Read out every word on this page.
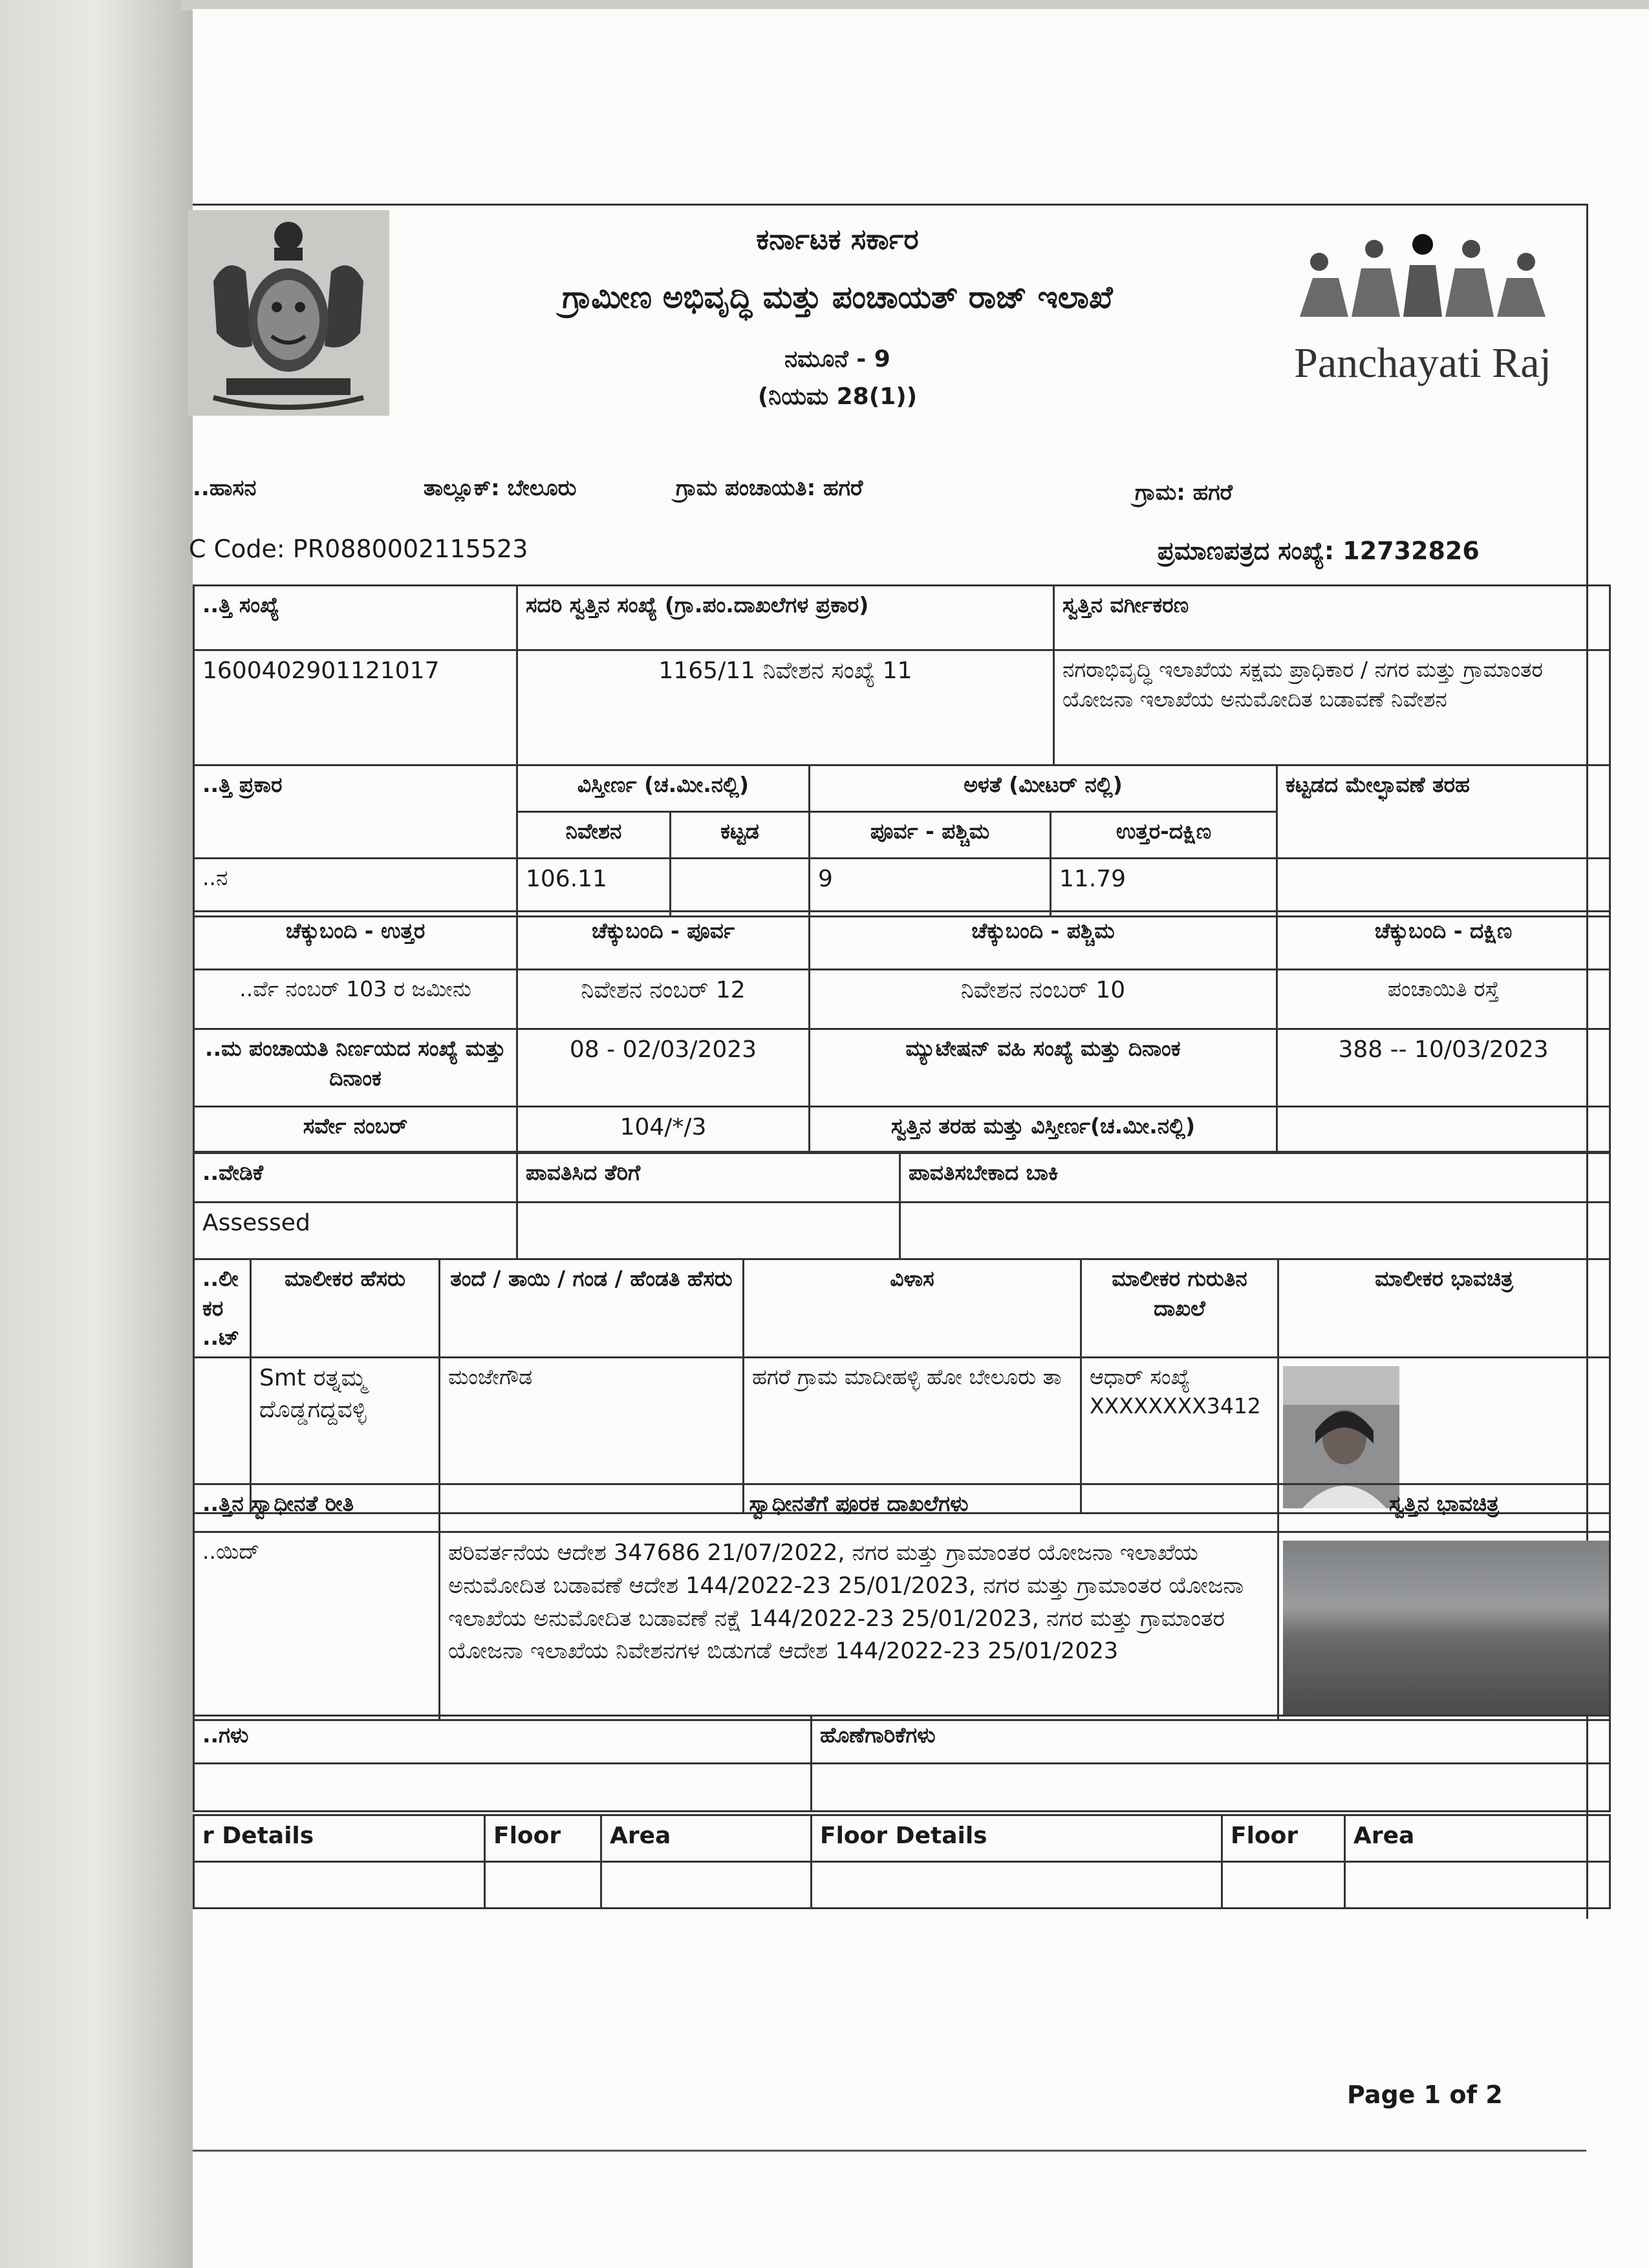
ಕರ್ನಾಟಕ ಸರ್ಕಾರ
ಗ್ರಾಮೀಣ ಅಭಿವೃದ್ಧಿ ಮತ್ತು ಪಂಚಾಯತ್ ರಾಜ್ ಇಲಾಖೆ
ನಮೂನೆ - 9
(ನಿಯಮ 28(1))
Panchayati Raj
..ಹಾಸನ	ತಾಲ್ಲೂಕ್: ಬೇಲೂರು	ಗ್ರಾಮ ಪಂಚಾಯತಿ: ಹಗರೆ	ಗ್ರಾಮ: ಹಗರೆ
C Code: PR0880002115523	ಪ್ರಮಾಣಪತ್ರದ ಸಂಖ್ಯೆ: 12732826
..ತ್ತಿ ಸಂಖ್ಯೆ	ಸದರಿ ಸ್ವತ್ತಿನ ಸಂಖ್ಯೆ (ಗ್ರಾ.ಪಂ.ದಾಖಲೆಗಳ ಪ್ರಕಾರ)	ಸ್ವತ್ತಿನ ವರ್ಗೀಕರಣ
1600402901121017	1165/11 ನಿವೇಶನ ಸಂಖ್ಯೆ 11	ನಗರಾಭಿವೃದ್ಧಿ ಇಲಾಖೆಯ ಸಕ್ಷಮ ಪ್ರಾಧಿಕಾರ / ನಗರ ಮತ್ತು ಗ್ರಾಮಾಂತರ ಯೋಜನಾ ಇಲಾಖೆಯ ಅನುಮೋದಿತ ಬಡಾವಣೆ ನಿವೇಶನ
..ತ್ತಿ ಪ್ರಕಾರ	ವಿಸ್ತೀರ್ಣ (ಚ.ಮೀ.ನಲ್ಲಿ)		ಅಳತೆ (ಮೀಟರ್ ನಲ್ಲಿ)		ಕಟ್ಟಡದ ಮೇಲ್ಛಾವಣೆ ತರಹ
	ನಿವೇಶನ	ಕಟ್ಟಡ	ಪೂರ್ವ - ಪಶ್ಚಿಮ	ಉತ್ತರ-ದಕ್ಷಿಣ	
..ನ	106.11		9	11.79	
ಚೆಕ್ಕುಬಂದಿ - ಉತ್ತರ	ಚೆಕ್ಕುಬಂದಿ - ಪೂರ್ವ	ಚೆಕ್ಕುಬಂದಿ - ಪಶ್ಚಿಮ	ಚೆಕ್ಕುಬಂದಿ - ದಕ್ಷಿಣ
..ರ್ವೆ ನಂಬರ್ 103 ರ ಜಮೀನು	ನಿವೇಶನ ನಂಬರ್ 12	ನಿವೇಶನ ನಂಬರ್ 10	ಪಂಚಾಯಿತಿ ರಸ್ತೆ
..ಮ ಪಂಚಾಯತಿ ನಿರ್ಣಯದ ಸಂಖ್ಯೆ ಮತ್ತು ದಿನಾಂಕ	08 - 02/03/2023	ಮ್ಯುಟೇಷನ್ ವಹಿ ಸಂಖ್ಯೆ ಮತ್ತು ದಿನಾಂಕ	388 -- 10/03/2023
ಸರ್ವೇ ನಂಬರ್	104/*/3	ಸ್ವತ್ತಿನ ತರಹ ಮತ್ತು ವಿಸ್ತೀರ್ಣ(ಚ.ಮೀ.ನಲ್ಲಿ)	
..ವೇಡಿಕೆ	ಪಾವತಿಸಿದ ತೆರಿಗೆ	ಪಾವತಿಸಬೇಕಾದ ಬಾಕಿ
Assessed		
..ಲೀಕರ ..ಟ್	ಮಾಲೀಕರ ಹೆಸರು	ತಂದೆ / ತಾಯಿ / ಗಂಡ / ಹೆಂಡತಿ ಹೆಸರು	ವಿಳಾಸ	ಮಾಲೀಕರ ಗುರುತಿನ ದಾಖಲೆ	ಮಾಲೀಕರ ಭಾವಚಿತ್ರ
	Smt ರತ್ನಮ್ಮ ದೊಡ್ಡಗದ್ದವಳ್ಳಿ	ಮಂಜೇಗೌಡ	ಹಗರೆ ಗ್ರಾಮ ಮಾದೀಹಳ್ಳಿ ಹೋ ಬೇಲೂರು ತಾ	ಆಧಾರ್ ಸಂಖ್ಯೆ
XXXXXXXX3412

..ತ್ತಿನ ಸ್ವಾಧೀನತೆ ರೀತಿ	ಸ್ವಾಧೀನತೆಗೆ ಪೂರಕ ದಾಖಲೆಗಳು	ಸ್ವತ್ತಿನ ಭಾವಚಿತ್ರ
..ಯಿದ್	ಪರಿವರ್ತನೆಯ ಆದೇಶ 347686 21/07/2022, ನಗರ ಮತ್ತು ಗ್ರಾಮಾಂತರ ಯೋಜನಾ ಇಲಾಖೆಯ ಅನುಮೋದಿತ ಬಡಾವಣೆ ಆದೇಶ 144/2022-23 25/01/2023, ನಗರ ಮತ್ತು ಗ್ರಾಮಾಂತರ ಯೋಜನಾ ಇಲಾಖೆಯ ಅನುಮೋದಿತ ಬಡಾವಣೆ ನಕ್ಷೆ 144/2022-23 25/01/2023, ನಗರ ಮತ್ತು ಗ್ರಾಮಾಂತರ ಯೋಜನಾ ಇಲಾಖೆಯ ನಿವೇಶನಗಳ ಬಿಡುಗಡೆ ಆದೇಶ 144/2022-23 25/01/2023	
..ಗಳು	ಹೊಣೆಗಾರಿಕೆಗಳು

r Details	Floor	Area	Floor Details	Floor	Area

Page 1 of 2
